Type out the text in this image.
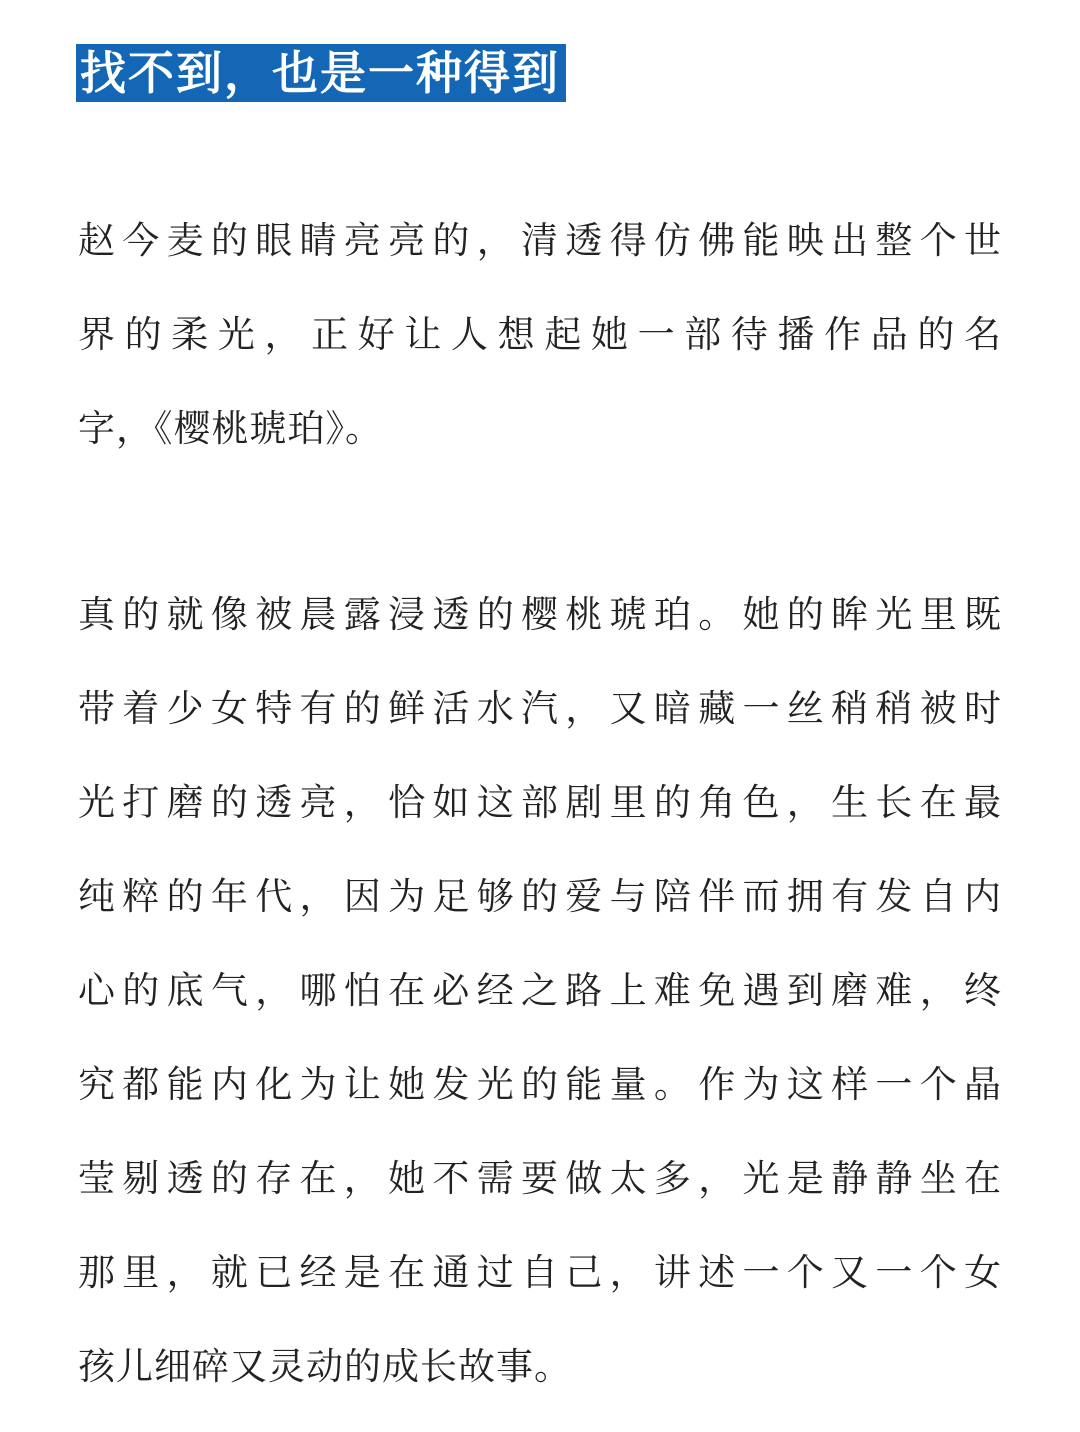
找不到，也是一种得到
赵今麦的眼睛亮亮的，清透得仿佛能映出整个世
界的柔光，正好让人想起她一部待播作品的名
字，《樱桃琥珀》。
真的就像被晨露浸透的樱桃琥珀。她的眸光里既
带着少女特有的鲜活水汽，又暗藏一丝稍稍被时
光打磨的透亮，恰如这部剧里的角色，生长在最
纯粹的年代，因为足够的爱与陪伴而拥有发自内
心的底气，哪怕在必经之路上难免遇到磨难，终
究都能内化为让她发光的能量。作为这样一个晶
莹剔透的存在，她不需要做太多，光是静静坐在
那里，就已经是在通过自己，讲述一个又一个女
孩儿细碎又灵动的成长故事。
